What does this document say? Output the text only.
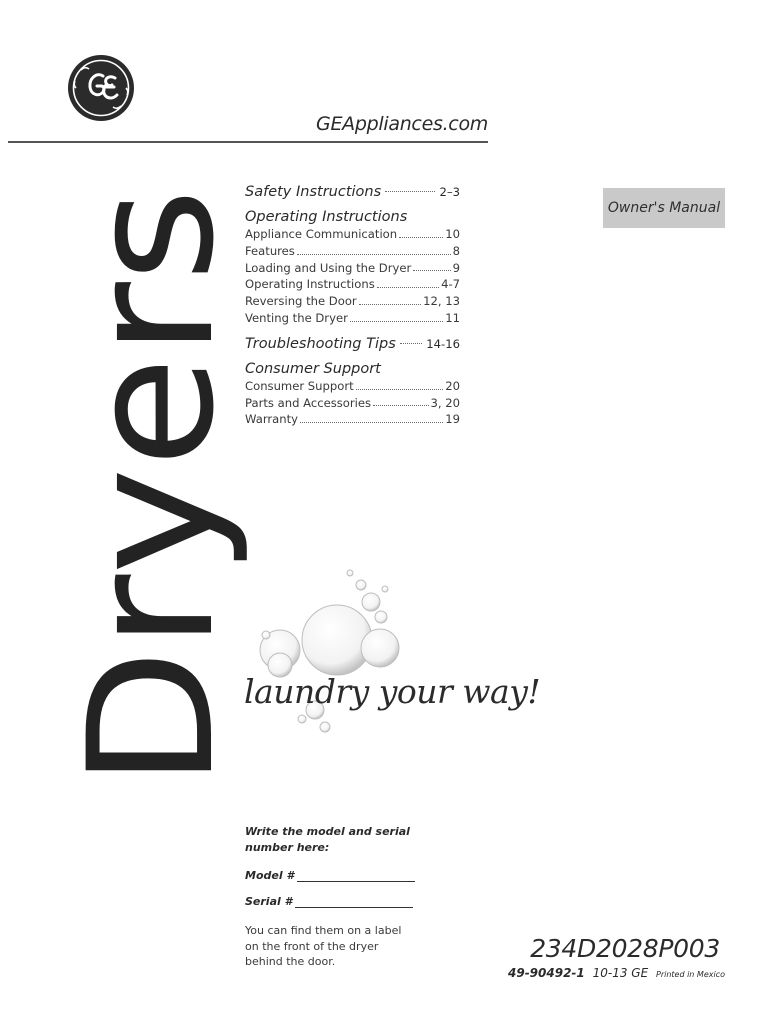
GEAppliances.com
Dryers
Safety Instructions	2–3
Operating Instructions
Appliance Communication	10
Features	8
Loading and Using the Dryer	9
Operating Instructions	4-7
Reversing the Door	12, 13
Venting the Dryer	11
Troubleshooting Tips	14-16
Consumer Support
Consumer Support	20
Parts and Accessories	3, 20
Warranty	19
Owner's Manual
laundry your way!
Write the model and serial number here:
Model #
Serial #
You can find them on a label on the front of the dryer behind the door.	234D2028P003
49-90492-1 10-13 GE Printed in Mexico
